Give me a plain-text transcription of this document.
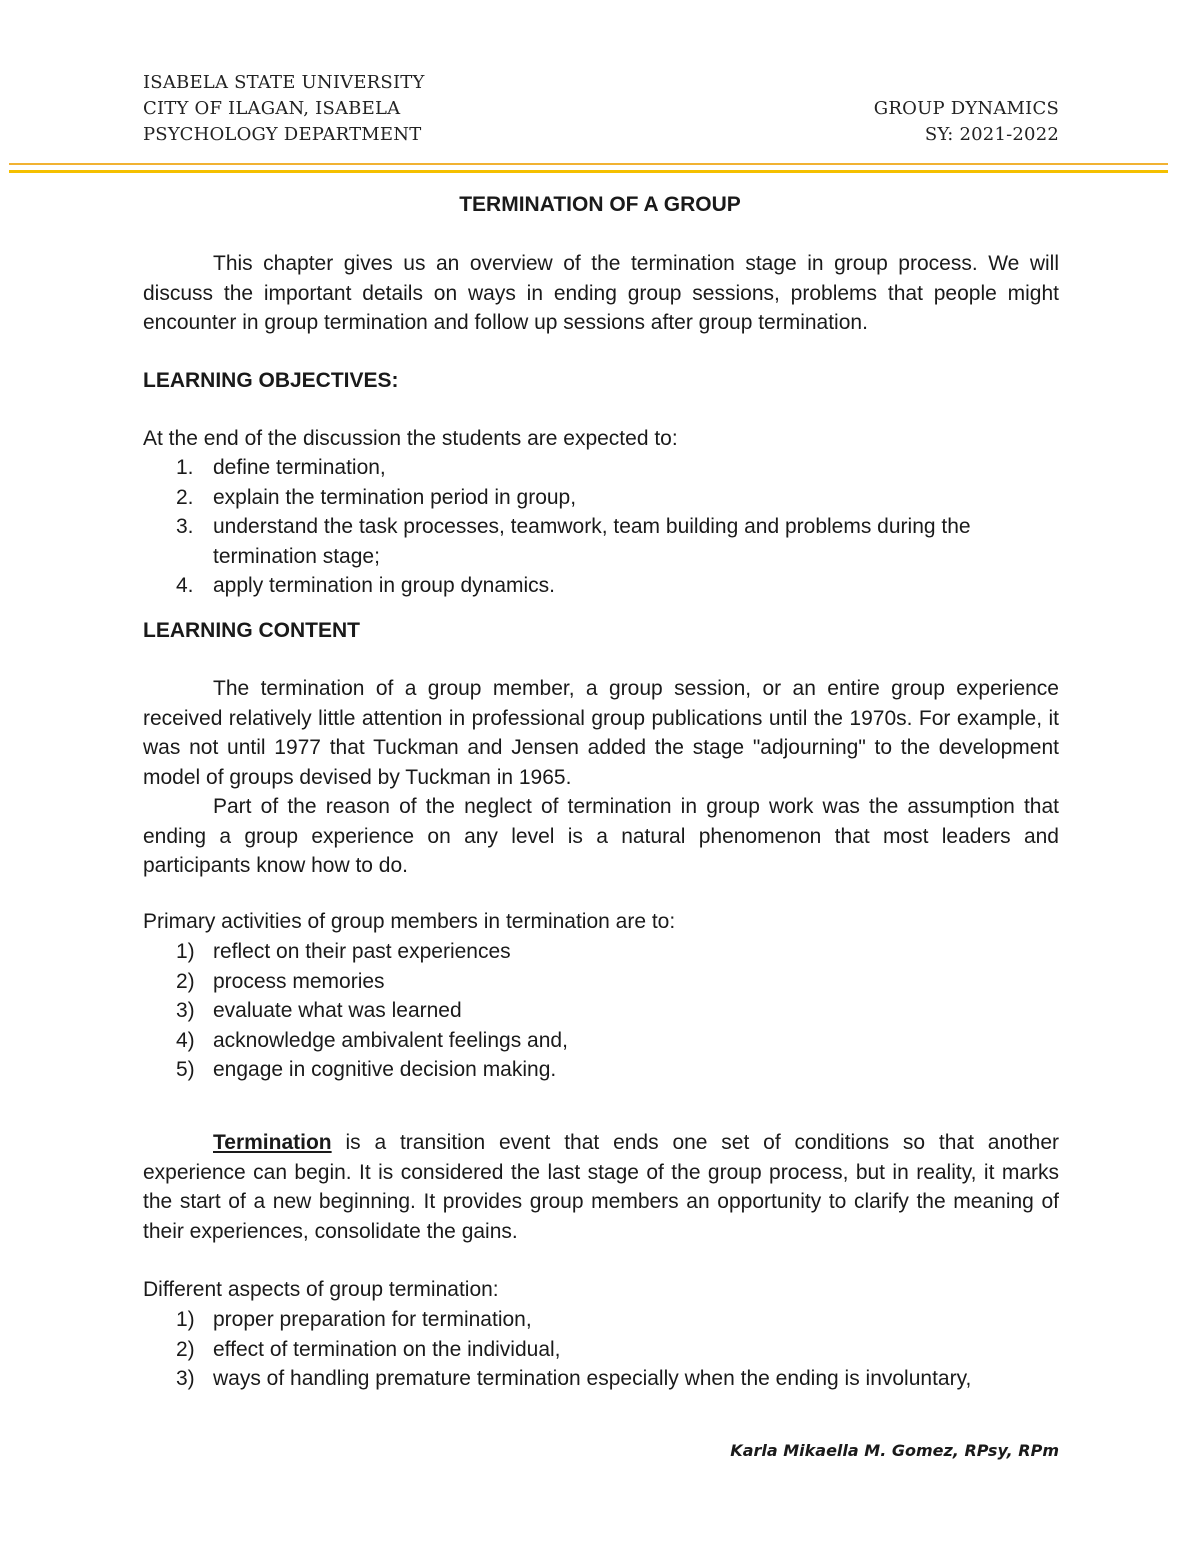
ISABELA STATE UNIVERSITY
CITY OF ILAGAN, ISABELA
PSYCHOLOGY DEPARTMENT
GROUP DYNAMICS
SY: 2021-2022
TERMINATION OF A GROUP

This chapter gives us an overview of the termination stage in group process. We will discuss the important details on ways in ending group sessions, problems that people might encounter in group termination and follow up sessions after group termination.

LEARNING OBJECTIVES:

At the end of the discussion the students are expected to:

1. define termination,
2. explain the termination period in group,
3. understand the task processes, teamwork, team building and problems during the termination stage;
4. apply termination in group dynamics.
LEARNING CONTENT

The termination of a group member, a group session, or an entire group experience received relatively little attention in professional group publications until the 1970s. For example, it was not until 1977 that Tuckman and Jensen added the stage "adjourning" to the development model of groups devised by Tuckman in 1965.

Part of the reason of the neglect of termination in group work was the assumption that ending a group experience on any level is a natural phenomenon that most leaders and participants know how to do.

Primary activities of group members in termination are to:

1) reflect on their past experiences
2) process memories
3) evaluate what was learned
4) acknowledge ambivalent feelings and,
5) engage in cognitive decision making.

Termination is a transition event that ends one set of conditions so that another experience can begin. It is considered the last stage of the group process, but in reality, it marks the start of a new beginning. It provides group members an opportunity to clarify the meaning of their experiences, consolidate the gains.

Different aspects of group termination:

1) proper preparation for termination,
2) effect of termination on the individual,
3) ways of handling premature termination especially when the ending is involuntary,
Karla Mikaella M. Gomez, RPsy, RPm
